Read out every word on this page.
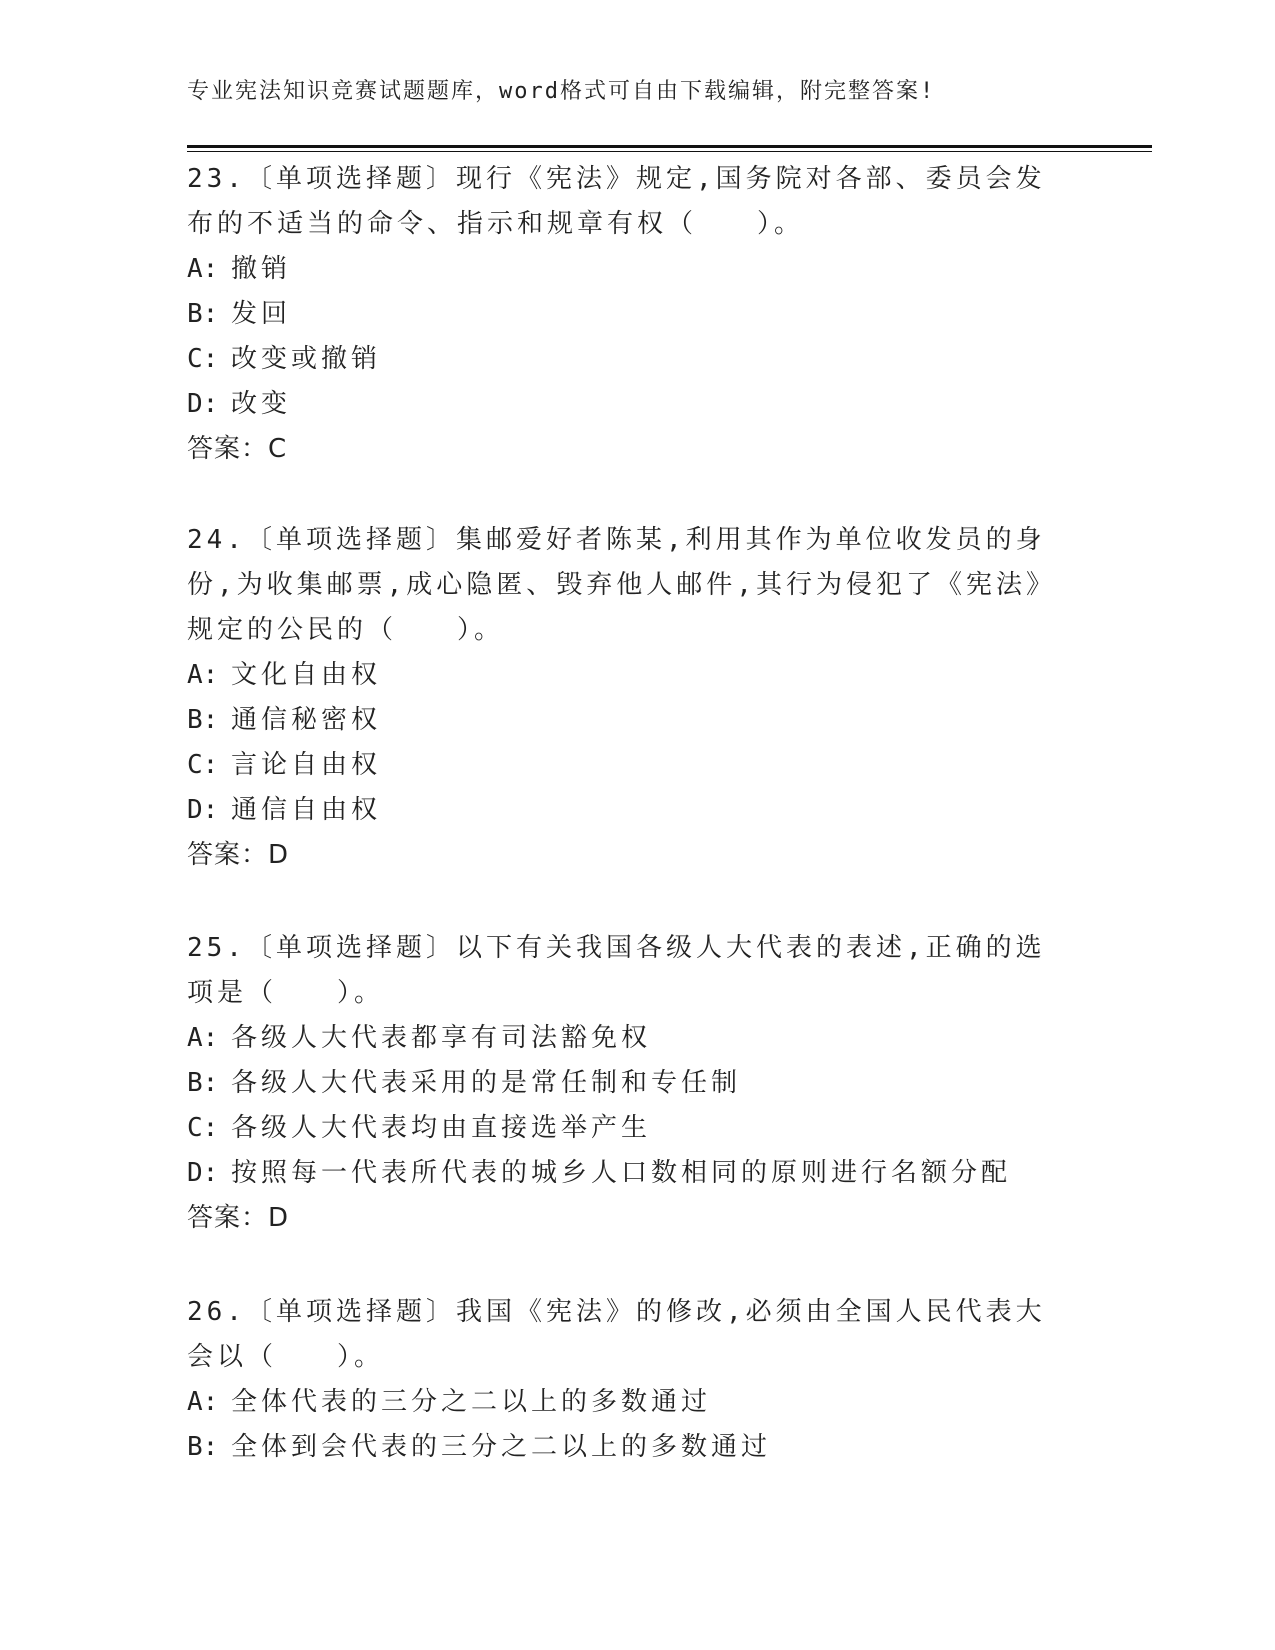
专业宪法知识竞赛试题题库，word格式可自由下载编辑，附完整答案!

23.〔单项选择题〕现行《宪法》规定,国务院对各部、委员会发布的不适当的命令、指示和规章有权（　　）。

A: 撤销
B: 发回
C: 改变或撤销
D: 改变
答案：C

24.〔单项选择题〕集邮爱好者陈某,利用其作为单位收发员的身份,为收集邮票,成心隐匿、毁弃他人邮件,其行为侵犯了《宪法》规定的公民的（　　）。

A: 文化自由权
B: 通信秘密权
C: 言论自由权
D: 通信自由权
答案：D

25.〔单项选择题〕以下有关我国各级人大代表的表述,正确的选项是（　　）。

A: 各级人大代表都享有司法豁免权
B: 各级人大代表采用的是常任制和专任制
C: 各级人大代表均由直接选举产生
D: 按照每一代表所代表的城乡人口数相同的原则进行名额分配
答案：D

26.〔单项选择题〕我国《宪法》的修改,必须由全国人民代表大会以（　　）。

A: 全体代表的三分之二以上的多数通过
B: 全体到会代表的三分之二以上的多数通过
